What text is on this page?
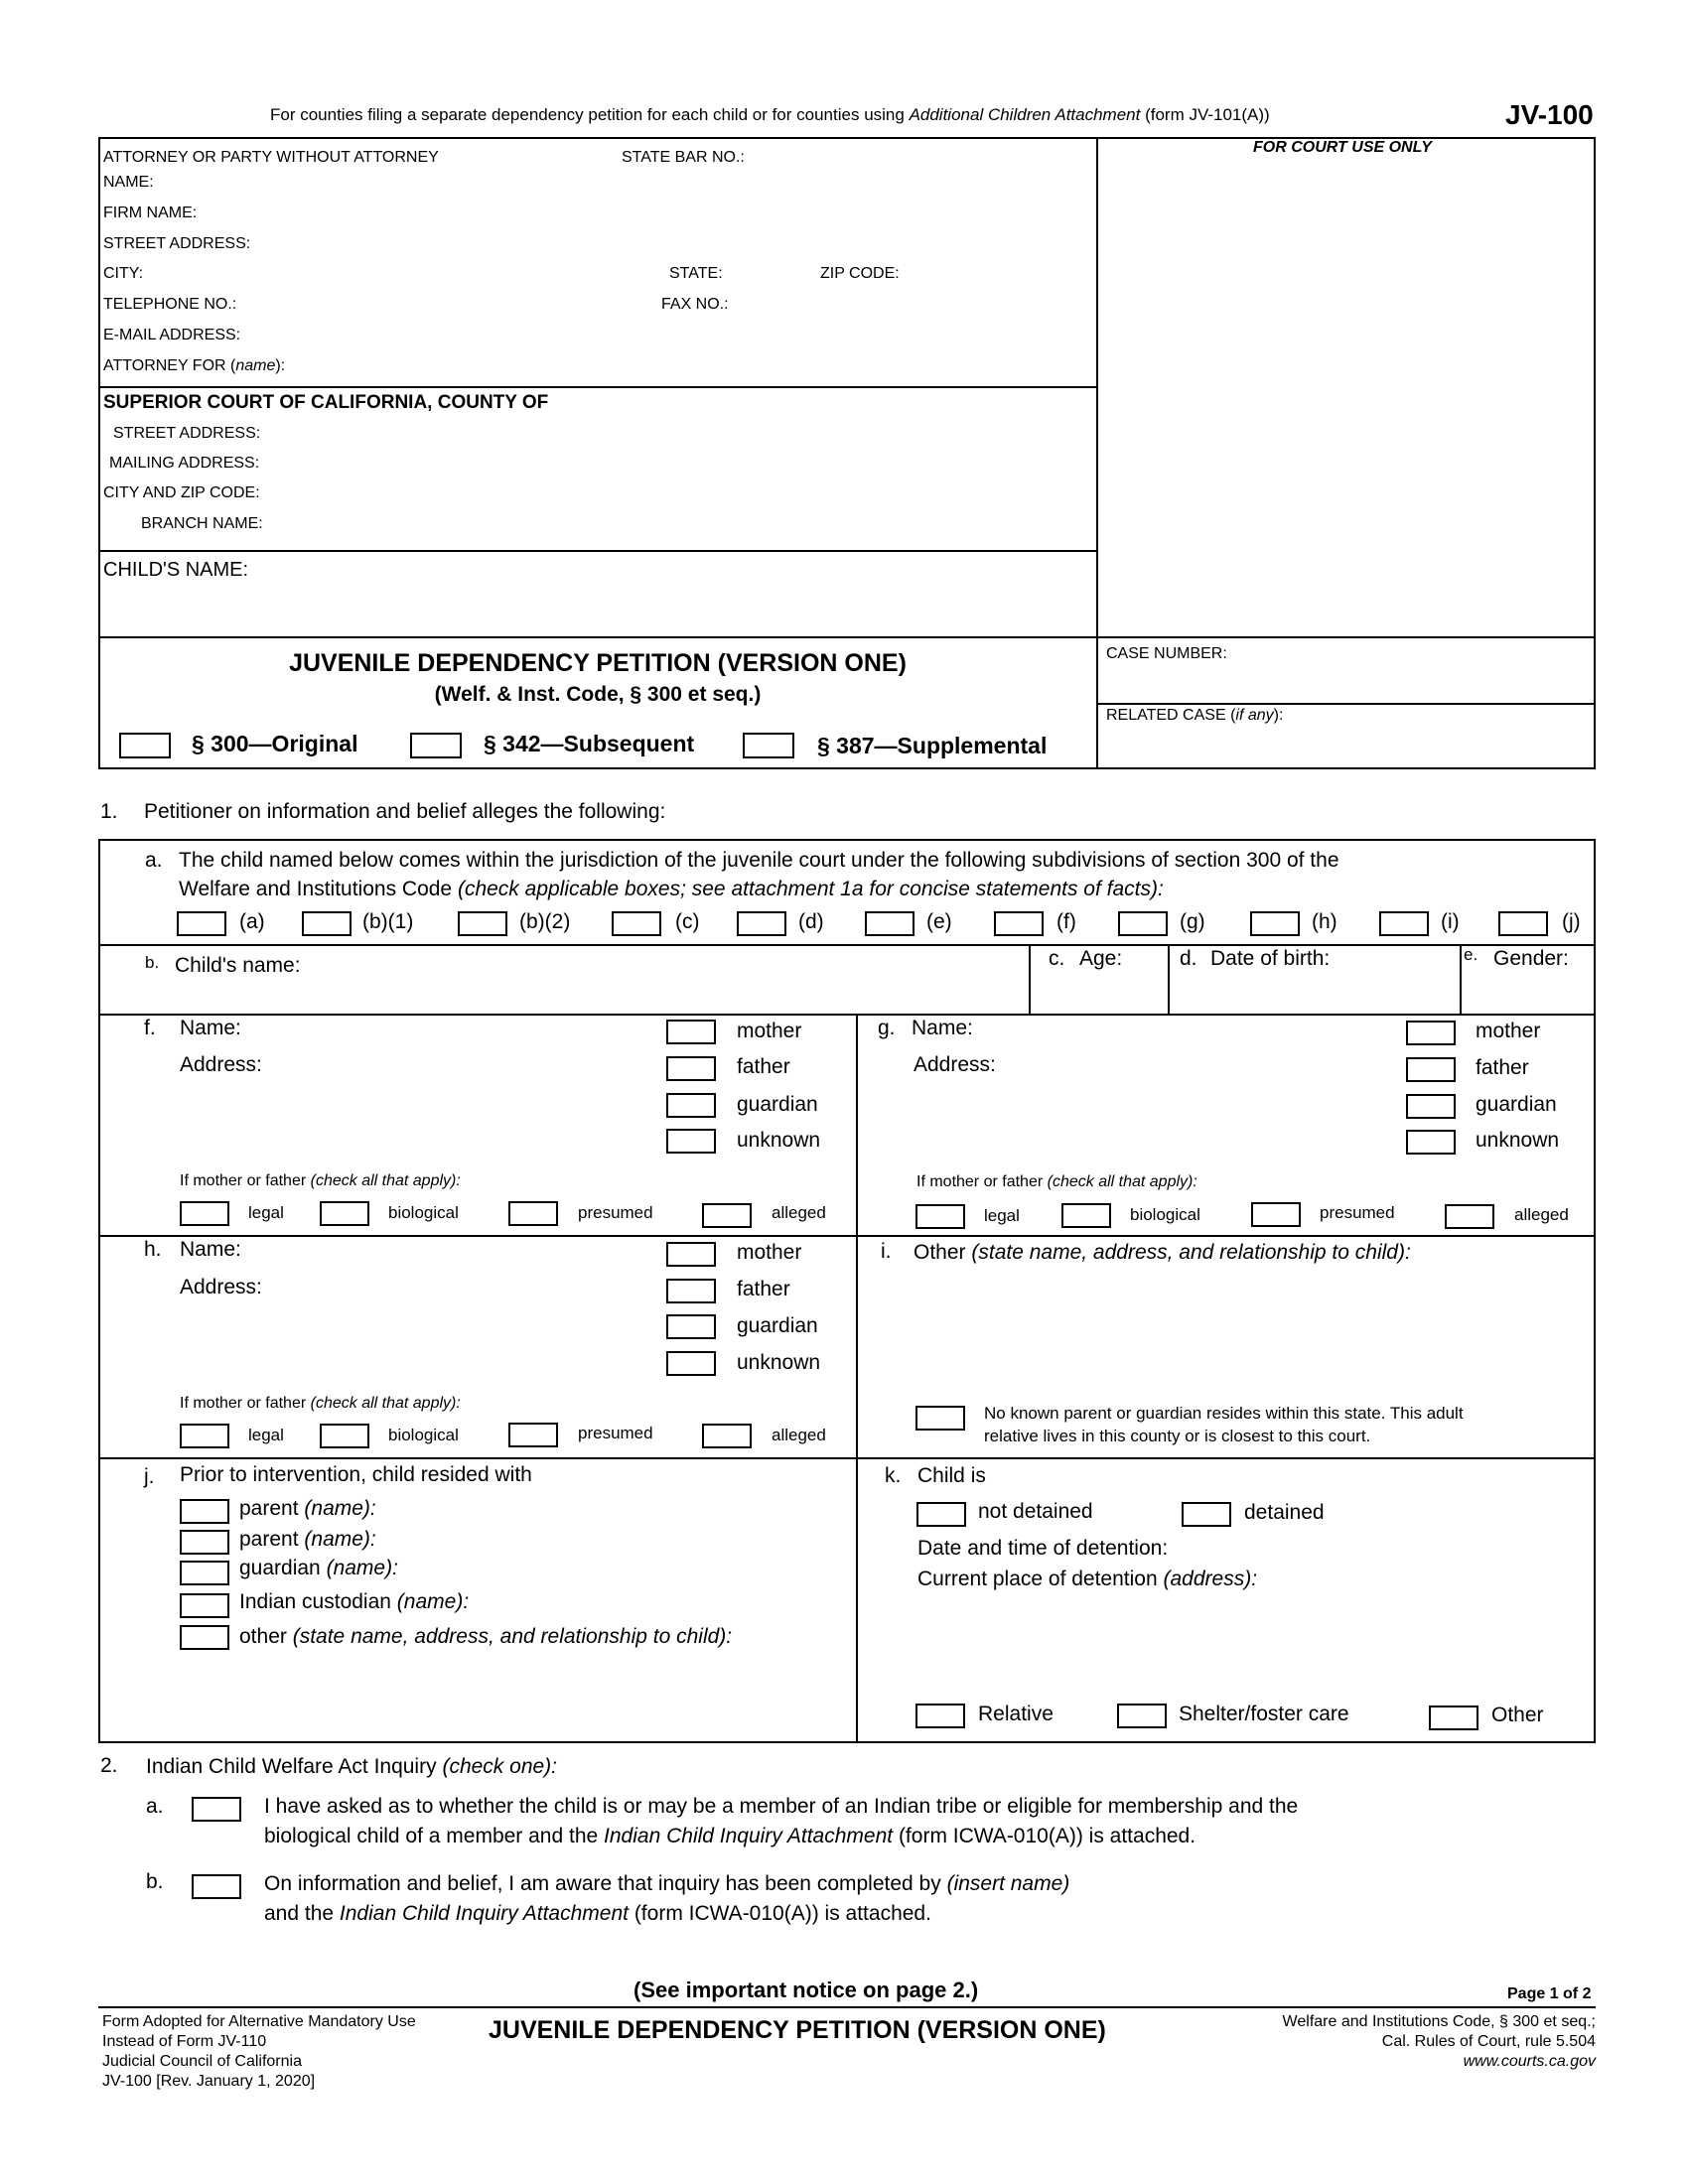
For counties filing a separate dependency petition for each child or for counties using Additional Children Attachment (form JV-101(A))	JV-100
ATTORNEY OR PARTY WITHOUT ATTORNEY	STATE BAR NO.:
NAME:
FIRM NAME:
STREET ADDRESS:
CITY:	STATE:	ZIP CODE:
TELEPHONE NO.:	FAX NO.:
E-MAIL ADDRESS:
ATTORNEY FOR (name):
FOR COURT USE ONLY
SUPERIOR COURT OF CALIFORNIA, COUNTY OF
STREET ADDRESS:
MAILING ADDRESS:
CITY AND ZIP CODE:
BRANCH NAME:
CHILD'S NAME:
JUVENILE DEPENDENCY PETITION (VERSION ONE)
(Welf. & Inst. Code, § 300 et seq.)
§ 300—Original	§ 342—Subsequent	§ 387—Supplemental
CASE NUMBER:
RELATED CASE (if any):
1. Petitioner on information and belief alleges the following:
a. The child named below comes within the jurisdiction of the juvenile court under the following subdivisions of section 300 of the
Welfare and Institutions Code (check applicable boxes; see attachment 1a for concise statements of facts):
(a)	(b)(1)	(b)(2)	(c)	(d)	(e)	(f)	(g)	(h)	(i)	(j)
b. Child's name:	c. Age:	d. Date of birth:	e. Gender:
f. Name:
Address:
mother
father
guardian
unknown
If mother or father (check all that apply):
legal	biological	presumed	alleged
g. Name:
Address:
mother
father
guardian
unknown
If mother or father (check all that apply):
legal	biological	presumed	alleged
h. Name:
Address:
mother
father
guardian
unknown
If mother or father (check all that apply):
legal	biological	presumed	alleged
i. Other (state name, address, and relationship to child):
No known parent or guardian resides within this state. This adult
relative lives in this county or is closest to this court.
j. Prior to intervention, child resided with
parent (name):
parent (name):
guardian (name):
Indian custodian (name):
other (state name, address, and relationship to child):
k. Child is
not detained	detained
Date and time of detention:
Current place of detention (address):
Relative	Shelter/foster care	Other
2. Indian Child Welfare Act Inquiry (check one):
a.	I have asked as to whether the child is or may be a member of an Indian tribe or eligible for membership and the
biological child of a member and the Indian Child Inquiry Attachment (form ICWA-010(A)) is attached.
b.	On information and belief, I am aware that inquiry has been completed by (insert name)
and the Indian Child Inquiry Attachment (form ICWA-010(A)) is attached.
(See important notice on page 2.)	Page 1 of 2
Form Adopted for Alternative Mandatory Use
Instead of Form JV-110
Judicial Council of California
JV-100 [Rev. January 1, 2020]
JUVENILE DEPENDENCY PETITION (VERSION ONE)	Welfare and Institutions Code, § 300 et seq.;
Cal. Rules of Court, rule 5.504
www.courts.ca.gov
